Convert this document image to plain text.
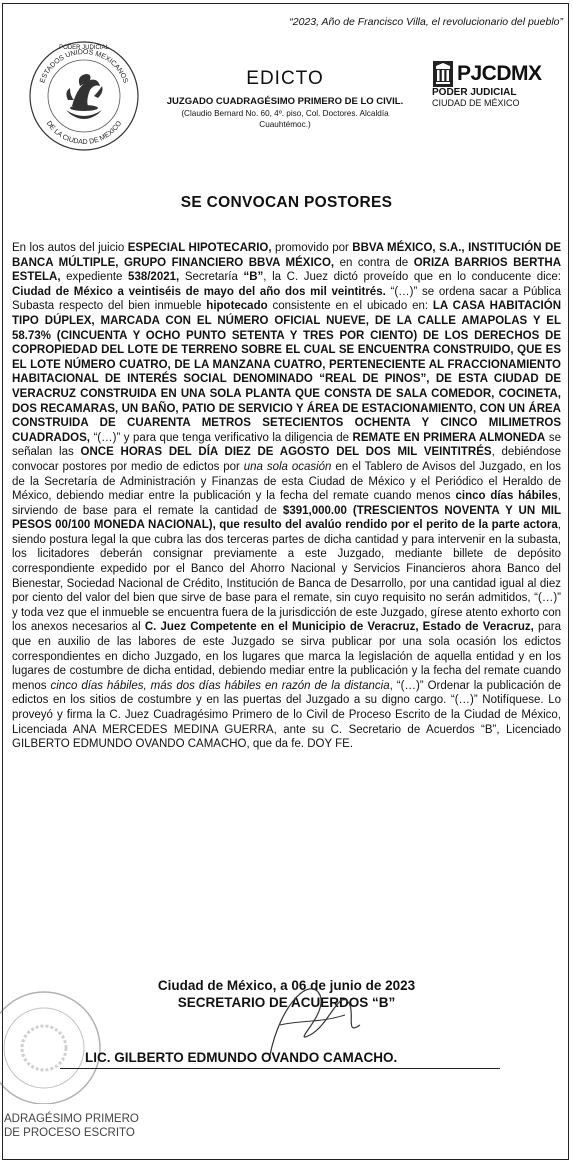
“2023, Año de Francisco Villa, el revolucionario del pueblo”
ESTADOS UNIDOS MEXICANOS
DE LA CIUDAD DE MEXICO
PODER JUDICIAL
EDICTO
JUZGADO CUADRAGÉSIMO PRIMERO DE LO CIVIL.
(Claudio Bernard No. 60, 4º. piso, Col. Doctores. Alcaldía Cuauhtémoc.)
PJCDMX
PODER JUDICIAL
CIUDAD DE MÉXICO
SE CONVOCAN POSTORES
En los autos del juicio ESPECIAL HIPOTECARIO, promovido por BBVA MÉXICO, S.A., INSTITUCIÓN DE BANCA MÚLTIPLE, GRUPO FINANCIERO BBVA MÉXICO, en contra de ORIZA BARRIOS BERTHA ESTELA, expediente 538/2021, Secretaría “B”, la C. Juez dictó proveído que en lo conducente dice: Ciudad de México a veintiséis de mayo del año dos mil veintitrés. “(…)” se ordena sacar a Pública Subasta respecto del bien inmueble hipotecado consistente en el ubicado en: LA CASA HABITACIÓN TIPO DÚPLEX, MARCADA CON EL NÚMERO OFICIAL NUEVE, DE LA CALLE AMAPOLAS Y EL 58.73% (CINCUENTA Y OCHO PUNTO SETENTA Y TRES POR CIENTO) DE LOS DERECHOS DE COPROPIEDAD DEL LOTE DE TERRENO SOBRE EL CUAL SE ENCUENTRA CONSTRUIDO, QUE ES EL LOTE NÚMERO CUATRO, DE LA MANZANA CUATRO, PERTENECIENTE AL FRACCIONAMIENTO HABITACIONAL DE INTERÉS SOCIAL DENOMINADO “REAL DE PINOS”, DE ESTA CIUDAD DE VERACRUZ CONSTRUIDA EN UNA SOLA PLANTA QUE CONSTA DE SALA COMEDOR, COCINETA, DOS RECAMARAS, UN BAÑO, PATIO DE SERVICIO Y ÁREA DE ESTACIONAMIENTO, CON UN ÁREA CONSTRUIDA DE CUARENTA METROS SETECIENTOS OCHENTA Y CINCO MILIMETROS CUADRADOS, “(…)” y para que tenga verificativo la diligencia de REMATE EN PRIMERA ALMONEDA se señalan las ONCE HORAS DEL DÍA DIEZ DE AGOSTO DEL DOS MIL VEINTITRÉS, debiéndose convocar postores por medio de edictos por una sola ocasión en el Tablero de Avisos del Juzgado, en los de la Secretaría de Administración y Finanzas de esta Ciudad de México y el Periódico el Heraldo de México, debiendo mediar entre la publicación y la fecha del remate cuando menos cinco días hábiles, sirviendo de base para el remate la cantidad de $391,000.00 (TRESCIENTOS NOVENTA Y UN MIL PESOS 00/100 MONEDA NACIONAL), que resulto del avalúo rendido por el perito de la parte actora, siendo postura legal la que cubra las dos terceras partes de dicha cantidad y para intervenir en la subasta, los licitadores deberán consignar previamente a este Juzgado, mediante billete de depósito correspondiente expedido por el Banco del Ahorro Nacional y Servicios Financieros ahora Banco del Bienestar, Sociedad Nacional de Crédito, Institución de Banca de Desarrollo, por una cantidad igual al diez por ciento del valor del bien que sirve de base para el remate, sin cuyo requisito no serán admitidos, “(…)” y toda vez que el inmueble se encuentra fuera de la jurisdicción de este Juzgado, gírese atento exhorto con los anexos necesarios al C. Juez Competente en el Municipio de Veracruz, Estado de Veracruz, para que en auxilio de las labores de este Juzgado se sirva publicar por una sola ocasión los edictos correspondientes en dicho Juzgado, en los lugares que marca la legislación de aquella entidad y en los lugares de costumbre de dicha entidad, debiendo mediar entre la publicación y la fecha del remate cuando menos cinco días hábiles, más dos días hábiles en razón de la distancia, “(…)” Ordenar la publicación de edictos en los sitios de costumbre y en las puertas del Juzgado a su digno cargo. “(…)” Notifíquese. Lo proveyó y firma la C. Juez Cuadragésimo Primero de lo Civil de Proceso Escrito de la Ciudad de México, Licenciada ANA MERCEDES MEDINA GUERRA, ante su C. Secretario de Acuerdos “B”, Licenciado GILBERTO EDMUNDO OVANDO CAMACHO, que da fe. DOY FE.
Ciudad de México, a 06 de junio de 2023
SECRETARIO DE ACUERDOS “B”
LIC. GILBERTO EDMUNDO OVANDO CAMACHO.
ADRAGÉSIMO PRIMERO
DE PROCESO ESCRITO
